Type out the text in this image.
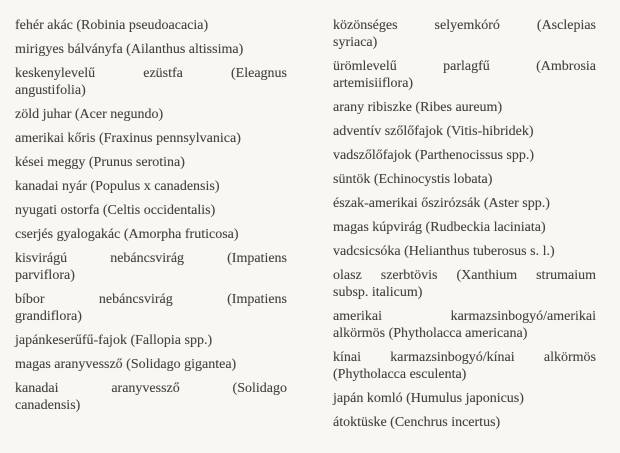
fehér akác (Robinia pseudoacacia)
mirigyes bálványfa (Ailanthus altissima)
keskenylevelű ezüstfa (Eleagnus
angustifolia)
zöld juhar (Acer negundo)
amerikai kőris (Fraxinus pennsylvanica)
kései meggy (Prunus serotina)
kanadai nyár (Populus x canadensis)
nyugati ostorfa (Celtis occidentalis)
cserjés gyalogakác (Amorpha fruticosa)
kisvirágú nebáncsvirág (Impatiens
parviflora)
bíbor nebáncsvirág (Impatiens
grandiflora)
japánkeserűfű-fajok (Fallopia spp.)
magas aranyvessző (Solidago gigantea)
kanadai aranyvessző (Solidago
canadensis)
közönséges selyemkóró (Asclepias
syriaca)
ürömlevelű parlagfű (Ambrosia
artemisiiflora)
arany ribiszke (Ribes aureum)
adventív szőlőfajok (Vitis-hibridek)
vadszőlőfajok (Parthenocissus spp.)
süntök (Echinocystis lobata)
észak-amerikai őszirózsák (Aster spp.)
magas kúpvirág (Rudbeckia laciniata)
vadcsicsóka (Helianthus tuberosus s. l.)
olasz szerbtövis (Xanthium strumaium
subsp. italicum)
amerikai karmazsinbogyó/amerikai
alkörmös (Phytholacca americana)
kínai karmazsinbogyó/kínai alkörmös
(Phytholacca esculenta)
japán komló (Humulus japonicus)
átoktüske (Cenchrus incertus)
